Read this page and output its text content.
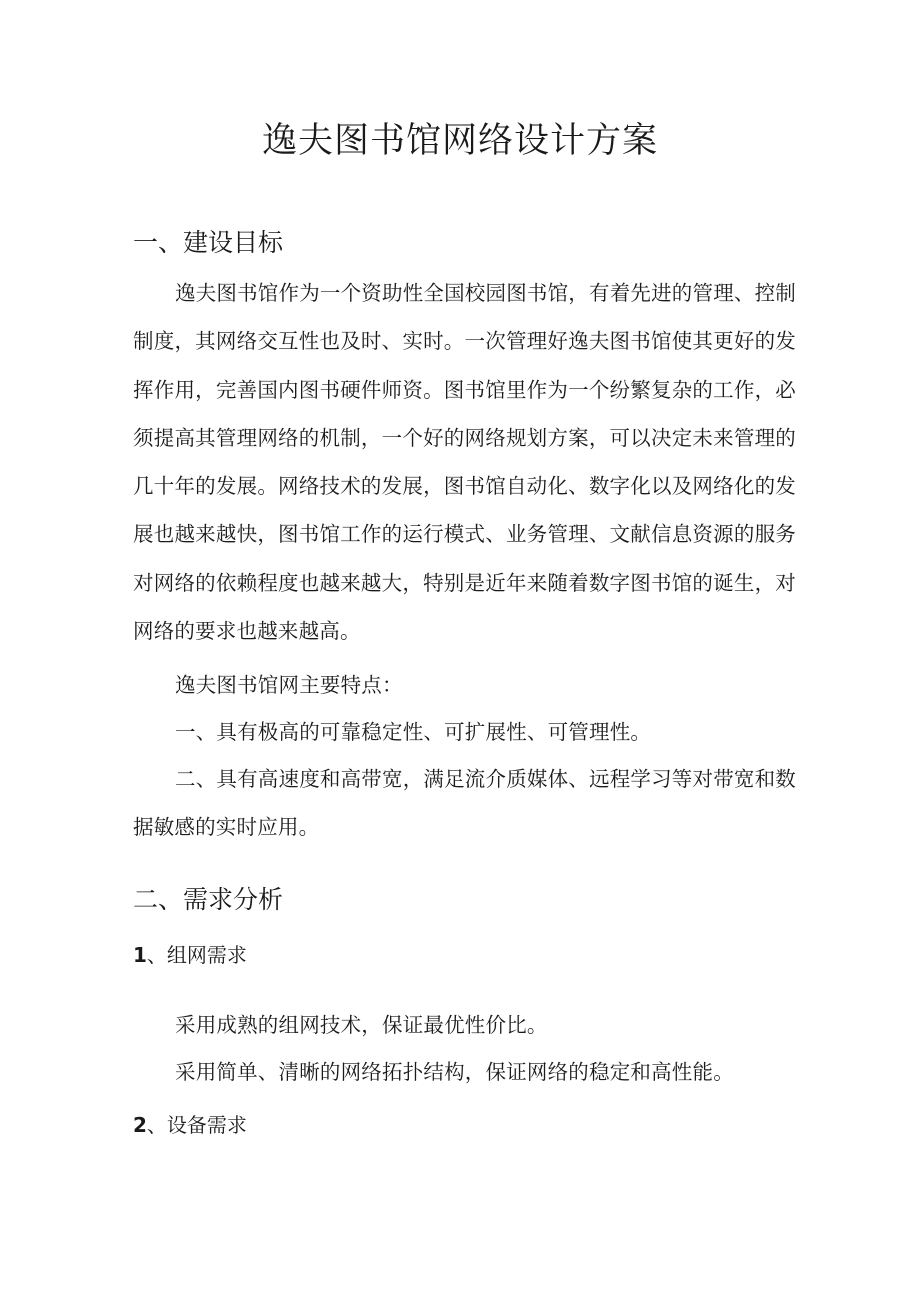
逸夫图书馆网络设计方案
一、建设目标

逸夫图书馆作为一个资助性全国校园图书馆，有着先进的管理、控制制度，其网络交互性也及时、实时。一次管理好逸夫图书馆使其更好的发挥作用，完善国内图书硬件师资。图书馆里作为一个纷繁复杂的工作，必须提高其管理网络的机制，一个好的网络规划方案，可以决定未来管理的几十年的发展。网络技术的发展，图书馆自动化、数字化以及网络化的发展也越来越快，图书馆工作的运行模式、业务管理、文献信息资源的服务对网络的依赖程度也越来越大，特别是近年来随着数字图书馆的诞生，对网络的要求也越来越高。

逸夫图书馆网主要特点：

一、具有极高的可靠稳定性、可扩展性、可管理性。

二、具有高速度和高带宽，满足流介质媒体、远程学习等对带宽和数据敏感的实时应用。

二、需求分析
1、组网需求

采用成熟的组网技术，保证最优性价比。

采用简单、清晰的网络拓扑结构，保证网络的稳定和高性能。

2、设备需求
